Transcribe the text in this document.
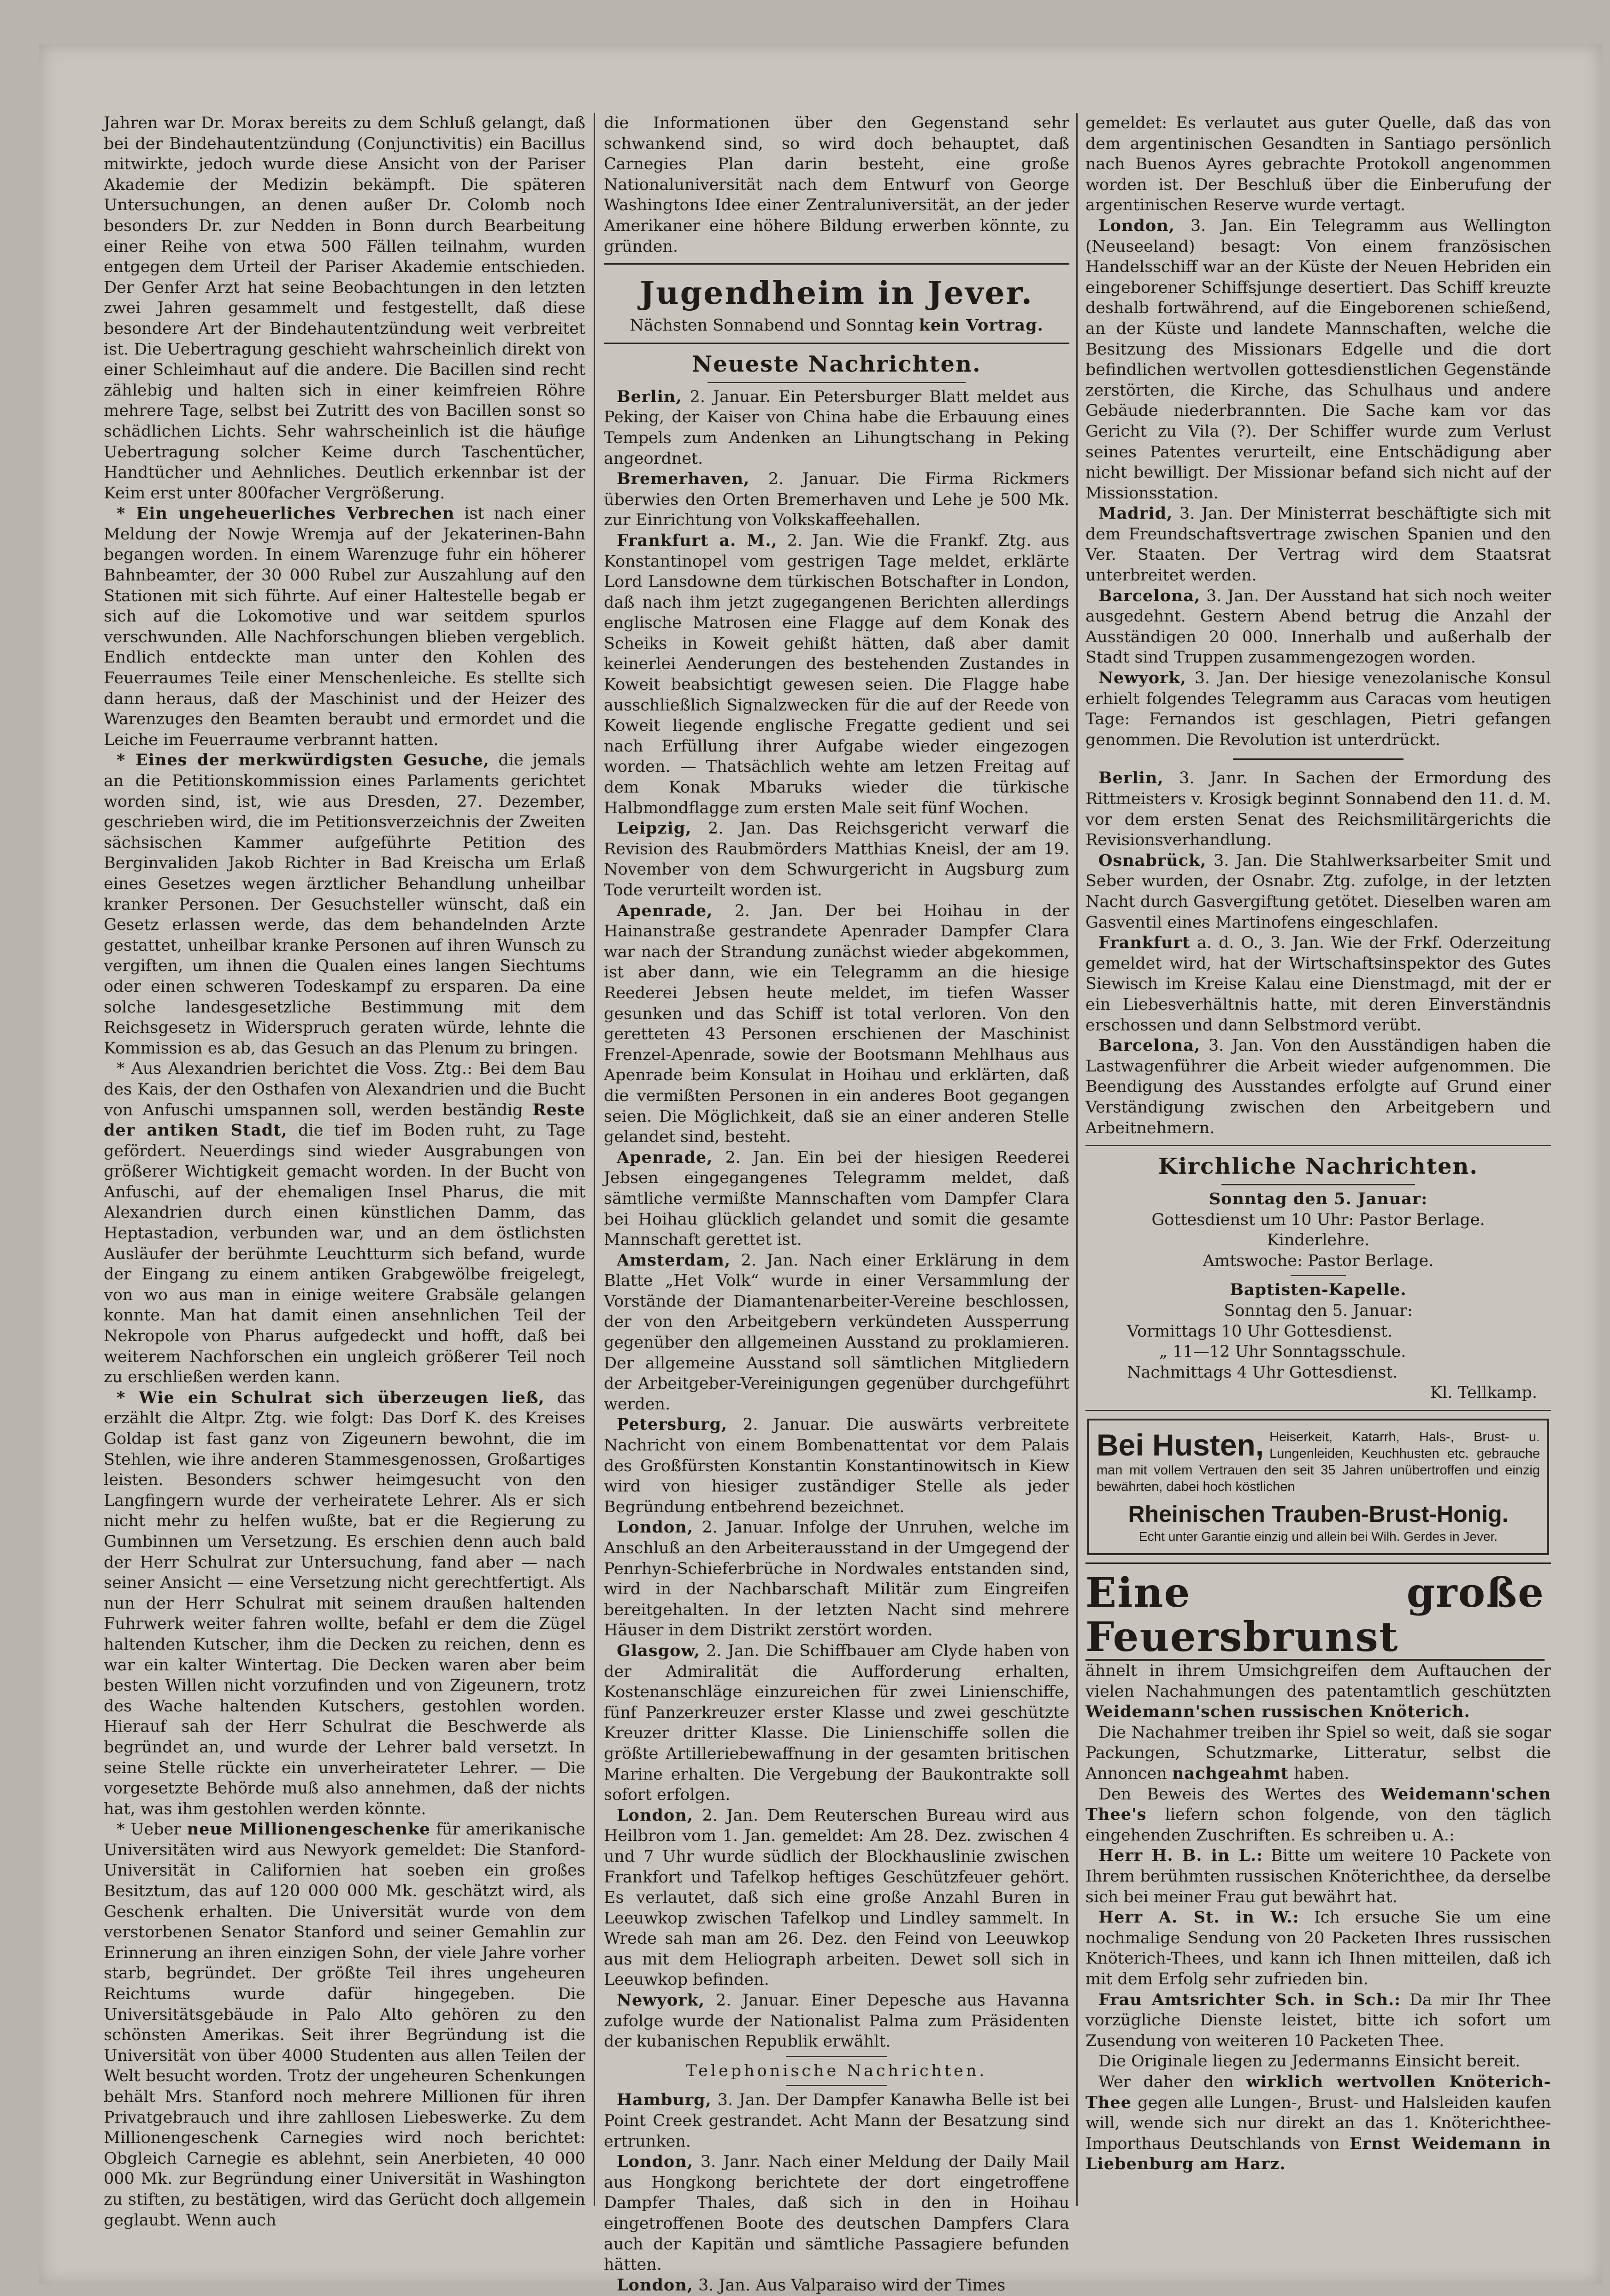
Jahren war Dr. Morax bereits zu dem Schluß gelangt, daß bei der Bindehautentzündung (Conjunctivitis) ein Bacillus mitwirkte, jedoch wurde diese Ansicht von der Pariser Akademie der Medizin bekämpft. Die späteren Untersuchungen, an denen außer Dr. Colomb noch besonders Dr. zur Nedden in Bonn durch Bearbeitung einer Reihe von etwa 500 Fällen teilnahm, wurden entgegen dem Urteil der Pariser Akademie entschieden. Der Genfer Arzt hat seine Beobachtungen in den letzten zwei Jahren gesammelt und festgestellt, daß diese besondere Art der Bindehautentzündung weit verbreitet ist. Die Uebertragung geschieht wahrscheinlich direkt von einer Schleimhaut auf die andere. Die Bacillen sind recht zählebig und halten sich in einer keimfreien Röhre mehrere Tage, selbst bei Zutritt des von Bacillen sonst so schädlichen Lichts. Sehr wahrscheinlich ist die häufige Uebertragung solcher Keime durch Taschentücher, Handtücher und Aehnliches. Deutlich erkennbar ist der Keim erst unter 800facher Vergrößerung.

* Ein ungeheuerliches Verbrechen ist nach einer Meldung der Nowje Wremja auf der Jekaterinen-Bahn begangen worden. In einem Warenzuge fuhr ein höherer Bahnbeamter, der 30 000 Rubel zur Auszahlung auf den Stationen mit sich führte. Auf einer Haltestelle begab er sich auf die Lokomotive und war seitdem spurlos verschwunden. Alle Nachforschungen blieben vergeblich. Endlich entdeckte man unter den Kohlen des Feuerraumes Teile einer Menschenleiche. Es stellte sich dann heraus, daß der Maschinist und der Heizer des Warenzuges den Beamten beraubt und ermordet und die Leiche im Feuerraume verbrannt hatten.

* Eines der merkwürdigsten Gesuche, die jemals an die Petitionskommission eines Parlaments gerichtet worden sind, ist, wie aus Dresden, 27. Dezember, geschrieben wird, die im Petitionsverzeichnis der Zweiten sächsischen Kammer aufgeführte Petition des Berginvaliden Jakob Richter in Bad Kreischa um Erlaß eines Gesetzes wegen ärztlicher Behandlung unheilbar kranker Personen. Der Gesuchsteller wünscht, daß ein Gesetz erlassen werde, das dem behandelnden Arzte gestattet, unheilbar kranke Personen auf ihren Wunsch zu vergiften, um ihnen die Qualen eines langen Siechtums oder einen schweren Todeskampf zu ersparen. Da eine solche landesgesetzliche Bestimmung mit dem Reichsgesetz in Widerspruch geraten würde, lehnte die Kommission es ab, das Gesuch an das Plenum zu bringen.

* Aus Alexandrien berichtet die Voss. Ztg.: Bei dem Bau des Kais, der den Osthafen von Alexandrien und die Bucht von Anfuschi umspannen soll, werden beständig Reste der antiken Stadt, die tief im Boden ruht, zu Tage gefördert. Neuerdings sind wieder Ausgrabungen von größerer Wichtigkeit gemacht worden. In der Bucht von Anfuschi, auf der ehemaligen Insel Pharus, die mit Alexandrien durch einen künstlichen Damm, das Heptastadion, verbunden war, und an dem östlichsten Ausläufer der berühmte Leuchtturm sich befand, wurde der Eingang zu einem antiken Grabgewölbe freigelegt, von wo aus man in einige weitere Grabsäle gelangen konnte. Man hat damit einen ansehnlichen Teil der Nekropole von Pharus aufgedeckt und hofft, daß bei weiterem Nachforschen ein ungleich größerer Teil noch zu erschließen werden kann.

* Wie ein Schulrat sich überzeugen ließ, das erzählt die Altpr. Ztg. wie folgt: Das Dorf K. des Kreises Goldap ist fast ganz von Zigeunern bewohnt, die im Stehlen, wie ihre anderen Stammesgenossen, Großartiges leisten. Besonders schwer heimgesucht von den Langfingern wurde der verheiratete Lehrer. Als er sich nicht mehr zu helfen wußte, bat er die Regierung zu Gumbinnen um Versetzung. Es erschien denn auch bald der Herr Schulrat zur Untersuchung, fand aber — nach seiner Ansicht — eine Versetzung nicht gerechtfertigt. Als nun der Herr Schulrat mit seinem draußen haltenden Fuhrwerk weiter fahren wollte, befahl er dem die Zügel haltenden Kutscher, ihm die Decken zu reichen, denn es war ein kalter Wintertag. Die Decken waren aber beim besten Willen nicht vorzufinden und von Zigeunern, trotz des Wache haltenden Kutschers, gestohlen worden. Hierauf sah der Herr Schulrat die Beschwerde als begründet an, und wurde der Lehrer bald versetzt. In seine Stelle rückte ein unverheirateter Lehrer. — Die vorgesetzte Behörde muß also annehmen, daß der nichts hat, was ihm gestohlen werden könnte.

* Ueber neue Millionengeschenke für amerikanische Universitäten wird aus Newyork gemeldet: Die Stanford-Universität in Californien hat soeben ein großes Besitztum, das auf 120 000 000 Mk. geschätzt wird, als Geschenk erhalten. Die Universität wurde von dem verstorbenen Senator Stanford und seiner Gemahlin zur Erinnerung an ihren einzigen Sohn, der viele Jahre vorher starb, begründet. Der größte Teil ihres ungeheuren Reichtums wurde dafür hingegeben. Die Universitätsgebäude in Palo Alto gehören zu den schönsten Amerikas. Seit ihrer Begründung ist die Universität von über 4000 Studenten aus allen Teilen der Welt besucht worden. Trotz der ungeheuren Schenkungen behält Mrs. Stanford noch mehrere Millionen für ihren Privatgebrauch und ihre zahllosen Liebeswerke. Zu dem Millionengeschenk Carnegies wird noch berichtet: Obgleich Carnegie es ablehnt, sein Anerbieten, 40 000 000 Mk. zur Begründung einer Universität in Washington zu stiften, zu bestätigen, wird das Gerücht doch allgemein geglaubt. Wenn auch

die Informationen über den Gegenstand sehr schwankend sind, so wird doch behauptet, daß Carnegies Plan darin besteht, eine große Nationaluniversität nach dem Entwurf von George Washingtons Idee einer Zentraluniversität, an der jeder Amerikaner eine höhere Bildung erwerben könnte, zu gründen.

Jugendheim in Jever.

Nächsten Sonnabend und Sonntag kein Vortrag.

Neueste Nachrichten.

Berlin, 2. Januar. Ein Petersburger Blatt meldet aus Peking, der Kaiser von China habe die Erbauung eines Tempels zum Andenken an Lihungtschang in Peking angeordnet.

Bremerhaven, 2. Januar. Die Firma Rickmers überwies den Orten Bremerhaven und Lehe je 500 Mk. zur Einrichtung von Volkskaffeehallen.

Frankfurt a. M., 2. Jan. Wie die Frankf. Ztg. aus Konstantinopel vom gestrigen Tage meldet, erklärte Lord Lansdowne dem türkischen Botschafter in London, daß nach ihm jetzt zugegangenen Berichten allerdings englische Matrosen eine Flagge auf dem Konak des Scheiks in Koweit gehißt hätten, daß aber damit keinerlei Aenderungen des bestehenden Zustandes in Koweit beabsichtigt gewesen seien. Die Flagge habe ausschließlich Signalzwecken für die auf der Reede von Koweit liegende englische Fregatte gedient und sei nach Erfüllung ihrer Aufgabe wieder eingezogen worden. — Thatsächlich wehte am letzen Freitag auf dem Konak Mbaruks wieder die türkische Halbmondflagge zum ersten Male seit fünf Wochen.

Leipzig, 2. Jan. Das Reichsgericht verwarf die Revision des Raubmörders Matthias Kneisl, der am 19. November von dem Schwurgericht in Augsburg zum Tode verurteilt worden ist.

Apenrade, 2. Jan. Der bei Hoihau in der Hainanstraße gestrandete Apenrader Dampfer Clara war nach der Strandung zunächst wieder abgekommen, ist aber dann, wie ein Telegramm an die hiesige Reederei Jebsen heute meldet, im tiefen Wasser gesunken und das Schiff ist total verloren. Von den geretteten 43 Personen erschienen der Maschinist Frenzel-Apenrade, sowie der Bootsmann Mehlhaus aus Apenrade beim Konsulat in Hoihau und erklärten, daß die vermißten Personen in ein anderes Boot gegangen seien. Die Möglichkeit, daß sie an einer anderen Stelle gelandet sind, besteht.

Apenrade, 2. Jan. Ein bei der hiesigen Reederei Jebsen eingegangenes Telegramm meldet, daß sämtliche vermißte Mannschaften vom Dampfer Clara bei Hoihau glücklich gelandet und somit die gesamte Mannschaft gerettet ist.

Amsterdam, 2. Jan. Nach einer Erklärung in dem Blatte „Het Volk“ wurde in einer Versammlung der Vorstände der Diamantenarbeiter-Vereine beschlossen, der von den Arbeitgebern verkündeten Aussperrung gegenüber den allgemeinen Ausstand zu proklamieren. Der allgemeine Ausstand soll sämtlichen Mitgliedern der Arbeitgeber-Vereinigungen gegenüber durchgeführt werden.

Petersburg, 2. Januar. Die auswärts verbreitete Nachricht von einem Bombenattentat vor dem Palais des Großfürsten Konstantin Konstantinowitsch in Kiew wird von hiesiger zuständiger Stelle als jeder Begründung entbehrend bezeichnet.

London, 2. Januar. Infolge der Unruhen, welche im Anschluß an den Arbeiterausstand in der Umgegend der Penrhyn-Schieferbrüche in Nordwales entstanden sind, wird in der Nachbarschaft Militär zum Eingreifen bereitgehalten. In der letzten Nacht sind mehrere Häuser in dem Distrikt zerstört worden.

Glasgow, 2. Jan. Die Schiffbauer am Clyde haben von der Admiralität die Aufforderung erhalten, Kostenanschläge einzureichen für zwei Linienschiffe, fünf Panzerkreuzer erster Klasse und zwei geschützte Kreuzer dritter Klasse. Die Linienschiffe sollen die größte Artilleriebewaffnung in der gesamten britischen Marine erhalten. Die Vergebung der Baukontrakte soll sofort erfolgen.

London, 2. Jan. Dem Reuterschen Bureau wird aus Heilbron vom 1. Jan. gemeldet: Am 28. Dez. zwischen 4 und 7 Uhr wurde südlich der Blockhauslinie zwischen Frankfort und Tafelkop heftiges Geschützfeuer gehört. Es verlautet, daß sich eine große Anzahl Buren in Leeuwkop zwischen Tafelkop und Lindley sammelt. In Wrede sah man am 26. Dez. den Feind von Leeuwkop aus mit dem Heliograph arbeiten. Dewet soll sich in Leeuwkop befinden.

Newyork, 2. Januar. Einer Depesche aus Havanna zufolge wurde der Nationalist Palma zum Präsidenten der kubanischen Republik erwählt.

Telephonische Nachrichten.

Hamburg, 3. Jan. Der Dampfer Kanawha Belle ist bei Point Creek gestrandet. Acht Mann der Besatzung sind ertrunken.

London, 3. Janr. Nach einer Meldung der Daily Mail aus Hongkong berichtete der dort eingetroffene Dampfer Thales, daß sich in den in Hoihau eingetroffenen Boote des deutschen Dampfers Clara auch der Kapitän und sämtliche Passagiere befunden hätten.

London, 3. Jan. Aus Valparaiso wird der Times

gemeldet: Es verlautet aus guter Quelle, daß das von dem argentinischen Gesandten in Santiago persönlich nach Buenos Ayres gebrachte Protokoll angenommen worden ist. Der Beschluß über die Einberufung der argentinischen Reserve wurde vertagt.

London, 3. Jan. Ein Telegramm aus Wellington (Neuseeland) besagt: Von einem französischen Handelsschiff war an der Küste der Neuen Hebriden ein eingeborener Schiffsjunge desertiert. Das Schiff kreuzte deshalb fortwährend, auf die Eingeborenen schießend, an der Küste und landete Mannschaften, welche die Besitzung des Missionars Edgelle und die dort befindlichen wertvollen gottesdienstlichen Gegenstände zerstörten, die Kirche, das Schulhaus und andere Gebäude niederbrannten. Die Sache kam vor das Gericht zu Vila (?). Der Schiffer wurde zum Verlust seines Patentes verurteilt, eine Entschädigung aber nicht bewilligt. Der Missionar befand sich nicht auf der Missionsstation.

Madrid, 3. Jan. Der Ministerrat beschäftigte sich mit dem Freundschaftsvertrage zwischen Spanien und den Ver. Staaten. Der Vertrag wird dem Staatsrat unterbreitet werden.

Barcelona, 3. Jan. Der Ausstand hat sich noch weiter ausgedehnt. Gestern Abend betrug die Anzahl der Ausständigen 20 000. Innerhalb und außerhalb der Stadt sind Truppen zusammengezogen worden.

Newyork, 3. Jan. Der hiesige venezolanische Konsul erhielt folgendes Telegramm aus Caracas vom heutigen Tage: Fernandos ist geschlagen, Pietri gefangen genommen. Die Revolution ist unterdrückt.

Berlin, 3. Janr. In Sachen der Ermordung des Rittmeisters v. Krosigk beginnt Sonnabend den 11. d. M. vor dem ersten Senat des Reichsmilitärgerichts die Revisionsverhandlung.

Osnabrück, 3. Jan. Die Stahlwerksarbeiter Smit und Seber wurden, der Osnabr. Ztg. zufolge, in der letzten Nacht durch Gasvergiftung getötet. Dieselben waren am Gasventil eines Martinofens eingeschlafen.

Frankfurt a. d. O., 3. Jan. Wie der Frkf. Oderzeitung gemeldet wird, hat der Wirtschaftsinspektor des Gutes Siewisch im Kreise Kalau eine Dienstmagd, mit der er ein Liebesverhältnis hatte, mit deren Einverständnis erschossen und dann Selbstmord verübt.

Barcelona, 3. Jan. Von den Ausständigen haben die Lastwagenführer die Arbeit wieder aufgenommen. Die Beendigung des Ausstandes erfolgte auf Grund einer Verständigung zwischen den Arbeitgebern und Arbeitnehmern.

Kirchliche Nachrichten.

Sonntag den 5. Januar:

Gottesdienst um 10 Uhr: Pastor Berlage.

Kinderlehre.

Amtswoche: Pastor Berlage.

Baptisten-Kapelle.

Sonntag den 5. Januar:

Vormittags 10 Uhr Gottesdienst.

„ 11—12 Uhr Sonntagsschule.

Nachmittags 4 Uhr Gottesdienst.

Kl. Tellkamp.

Bei Husten, Heiserkeit, Katarrh, Hals-, Brust- u. Lungenleiden, Keuchhusten etc. gebrauche man mit vollem Vertrauen den seit 35 Jahren unübertroffen und einzig bewährten, dabei hoch köstlichen
Rheinischen Trauben-Brust-Honig.
Echt unter Garantie einzig und allein bei Wilh. Gerdes in Jever.

Eine große Feuersbrunst
ähnelt in ihrem Umsichgreifen dem Auftauchen der vielen Nachahmungen des patentamtlich geschützten Weidemann'schen russischen Knöterich.

Die Nachahmer treiben ihr Spiel so weit, daß sie sogar Packungen, Schutzmarke, Litteratur, selbst die Annoncen nachgeahmt haben.

Den Beweis des Wertes des Weidemann'schen Thee's liefern schon folgende, von den täglich eingehenden Zuschriften. Es schreiben u. A.:

Herr H. B. in L.: Bitte um weitere 10 Packete von Ihrem berühmten russischen Knöterichthee, da derselbe sich bei meiner Frau gut bewährt hat.

Herr A. St. in W.: Ich ersuche Sie um eine nochmalige Sendung von 20 Packeten Ihres russischen Knöterich-Thees, und kann ich Ihnen mitteilen, daß ich mit dem Erfolg sehr zufrieden bin.

Frau Amtsrichter Sch. in Sch.: Da mir Ihr Thee vorzügliche Dienste leistet, bitte ich sofort um Zusendung von weiteren 10 Packeten Thee.

Die Originale liegen zu Jedermanns Einsicht bereit.

Wer daher den wirklich wertvollen Knöterich-Thee gegen alle Lungen-, Brust- und Halsleiden kaufen will, wende sich nur direkt an das 1. Knöterichthee-Importhaus Deutschlands von Ernst Weidemann in Liebenburg am Harz.
